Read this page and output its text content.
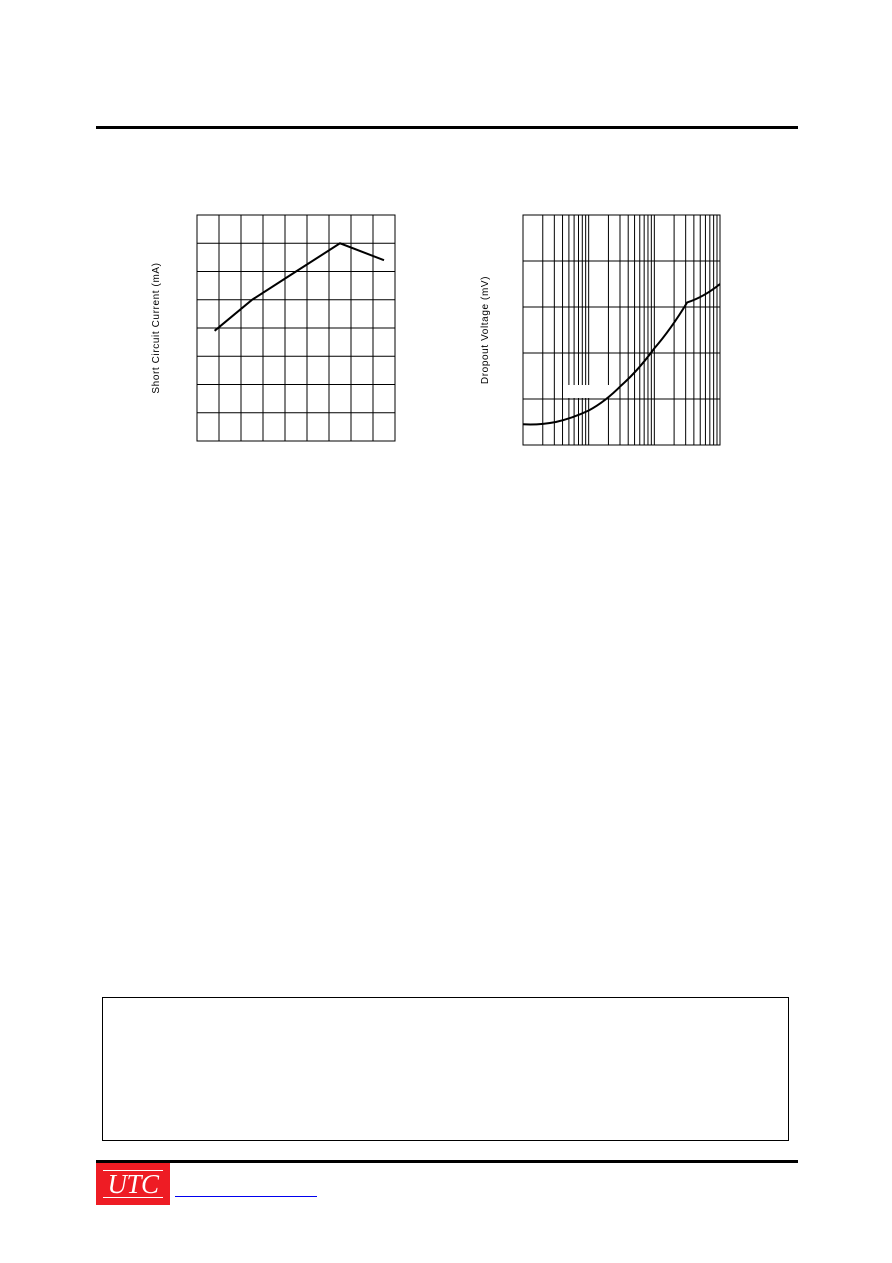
Short Circuit Current (mA)	Dropout Voltage (mV)
UTC
